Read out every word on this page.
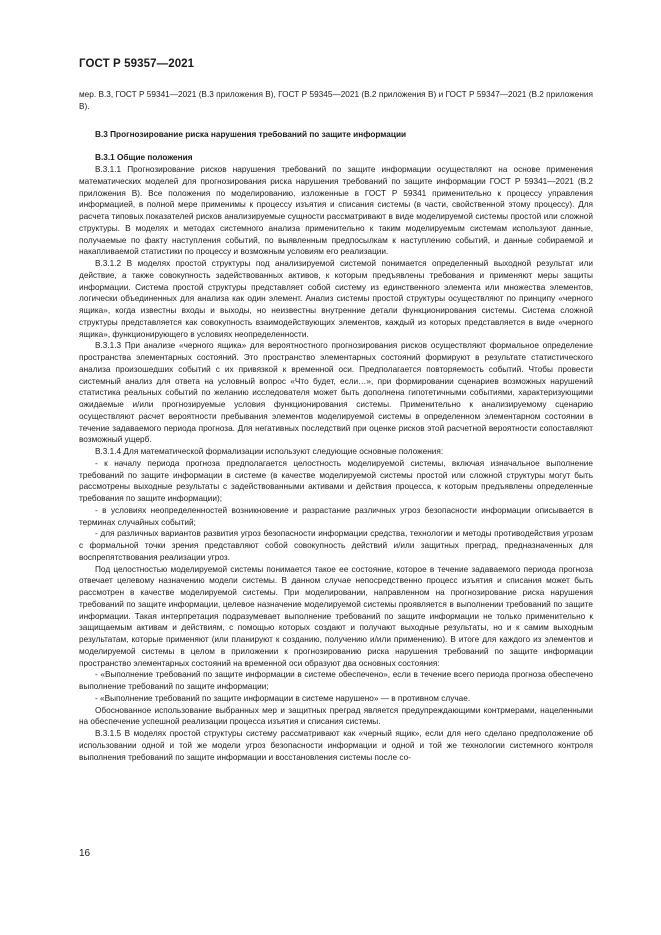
ГОСТ Р 59357—2021

мер. В.3, ГОСТ Р 59341—2021 (В.3 приложения В), ГОСТ Р 59345—2021 (В.2 приложения В) и ГОСТ Р 59347—2021 (В.2 приложения В).

В.3 Прогнозирование риска нарушения требований по защите информации

В.3.1 Общие положения

В.3.1.1 Прогнозирование рисков нарушения требований по защите информации осуществляют на основе применения математических моделей для прогнозирования риска нарушения требований по защите информации ГОСТ Р 59341—2021 (В.2 приложения В). Все положения по моделированию, изложенные в ГОСТ Р 59341 применительно к процессу управления информацией, в полной мере применимы к процессу изъятия и списания системы (в части, свойственной этому процессу). Для расчета типовых показателей рисков анализируемые сущности рассматривают в виде моделируемой системы простой или сложной структуры. В моделях и методах системного анализа применительно к таким моделируемым системам используют данные, получаемые по факту наступления событий, по выявленным предпосылкам к наступлению событий, и данные собираемой и накапливаемой статистики по процессу и возможным условиям его реализации.

В.3.1.2 В моделях простой структуры под анализируемой системой понимается определенный выходной результат или действие, а также совокупность задействованных активов, к которым предъявлены требования и применяют меры защиты информации. Система простой структуры представляет собой систему из единственного элемента или множества элементов, логически объединенных для анализа как один элемент. Анализ системы простой структуры осуществляют по принципу «черного ящика», когда известны входы и выходы, но неизвестны внутренние детали функционирования системы. Система сложной структуры представляется как совокупность взаимодействующих элементов, каждый из которых представляется в виде «черного ящика», функционирующего в условиях неопределенности.

В.3.1.3 При анализе «черного ящика» для вероятностного прогнозирования рисков осуществляют формальное определение пространства элементарных состояний. Это пространство элементарных состояний формируют в результате статистического анализа произошедших событий с их привязкой к временной оси. Предполагается повторяемость событий. Чтобы провести системный анализ для ответа на условный вопрос «Что будет, если…», при формировании сценариев возможных нарушений статистика реальных событий по желанию исследователя может быть дополнена гипотетичными событиями, характеризующими ожидаемые и/или прогнозируемые условия функционирования системы. Применительно к анализируемому сценарию осуществляют расчет вероятности пребывания элементов моделируемой системы в определенном элементарном состоянии в течение задаваемого периода прогноза. Для негативных последствий при оценке рисков этой расчетной вероятности сопоставляют возможный ущерб.

В.3.1.4 Для математической формализации используют следующие основные положения:

- к началу периода прогноза предполагается целостность моделируемой системы, включая изначальное выполнение требований по защите информации в системе (в качестве моделируемой системы простой или сложной структуры могут быть рассмотрены выходные результаты с задействованными активами и действия процесса, к которым предъявлены определенные требования по защите информации);

- в условиях неопределенностей возникновение и разрастание различных угроз безопасности информации описывается в терминах случайных событий;

- для различных вариантов развития угроз безопасности информации средства, технологии и методы противодействия угрозам с формальной точки зрения представляют собой совокупность действий и/или защитных преград, предназначенных для воспрепятствования реализации угроз.

Под целостностью моделируемой системы понимается такое ее состояние, которое в течение задаваемого периода прогноза отвечает целевому назначению модели системы. В данном случае непосредственно процесс изъятия и списания может быть рассмотрен в качестве моделируемой системы. При моделировании, направленном на прогнозирование риска нарушения требований по защите информации, целевое назначение моделируемой системы проявляется в выполнении требований по защите информации. Такая интерпретация подразумевает выполнение требований по защите информации не только применительно к защищаемым активам и действиям, с помощью которых создают и получают выходные результаты, но и к самим выходным результатам, которые применяют (или планируют к созданию, получению и/или применению). В итоге для каждого из элементов и моделируемой системы в целом в приложении к прогнозированию риска нарушения требований по защите информации пространство элементарных состояний на временной оси образуют два основных состояния:

- «Выполнение требований по защите информации в системе обеспечено», если в течение всего периода прогноза обеспечено выполнение требований по защите информации;

- «Выполнение требований по защите информации в системе нарушено» — в противном случае.

Обоснованное использование выбранных мер и защитных преград является предупреждающими контрмерами, нацеленными на обеспечение успешной реализации процесса изъятия и списания системы.

В.3.1.5 В моделях простой структуры систему рассматривают как «черный ящик», если для него сделано предположение об использовании одной и той же модели угроз безопасности информации и одной и той же технологии системного контроля выполнения требований по защите информации и восстановления системы после со-

16
